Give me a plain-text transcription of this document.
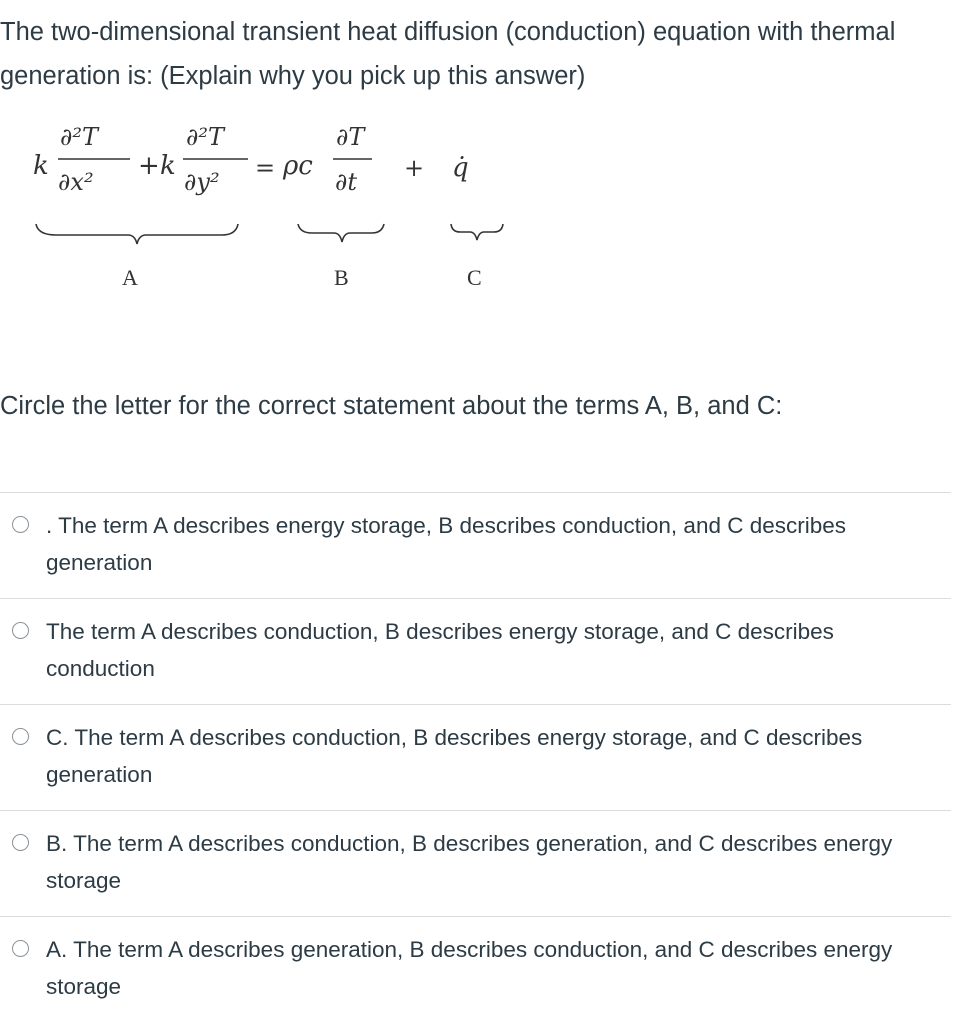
The two-dimensional transient heat diffusion (conduction) equation with thermal generation is: (Explain why you pick up this answer)
k
∂²T
∂x²
+ k
∂²T
∂y² = ρc
∂T
∂t + q̇
A	B	C
Circle the letter for the correct statement about the terms A, B, and C:
. The term A describes energy storage, B describes conduction, and C describes generation
The term A describes conduction, B describes energy storage, and C describes conduction
C. The term A describes conduction, B describes energy storage, and C describes generation
B. The term A describes conduction, B describes generation, and C describes energy storage
A. The term A describes generation, B describes conduction, and C describes energy storage
